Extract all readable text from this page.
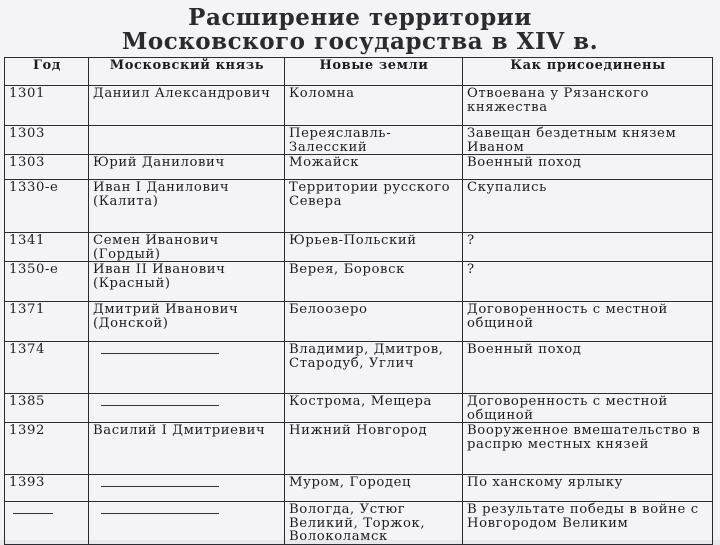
Расширение территории
Московского государства в XIV в.
Год	Московский князь	Новые земли	Как присоединены
1301	Даниил Александрович	Коломна	Отвоевана у Рязанского княжества
1303		Переяславль-Залесский	Завещан бездетным князем Иваном
1303	Юрий Данилович	Можайск	Военный поход
1330-е	Иван I Данилович (Калита)	Территории русского Севера	Скупались
1341	Семен Иванович (Гордый)	Юрьев-Польский	?
1350-е	Иван II Иванович (Красный)	Верея, Боровск	?
1371	Дмитрий Иванович (Донской)	Белоозеро	Договоренность с местной общиной
1374		Владимир, Дмитров, Стародуб, Углич	Военный поход
1385		Кострома, Мещера	Договоренность с местной общиной
1392	Василий I Дмитриевич	Нижний Новгород	Вооруженное вмешательство в распрю местных князей
1393		Муром, Городец	По ханскому ярлыку
		Вологда, Устюг Великий, Торжок, Волоколамск	В результате победы в войне с Новгородом Великим
